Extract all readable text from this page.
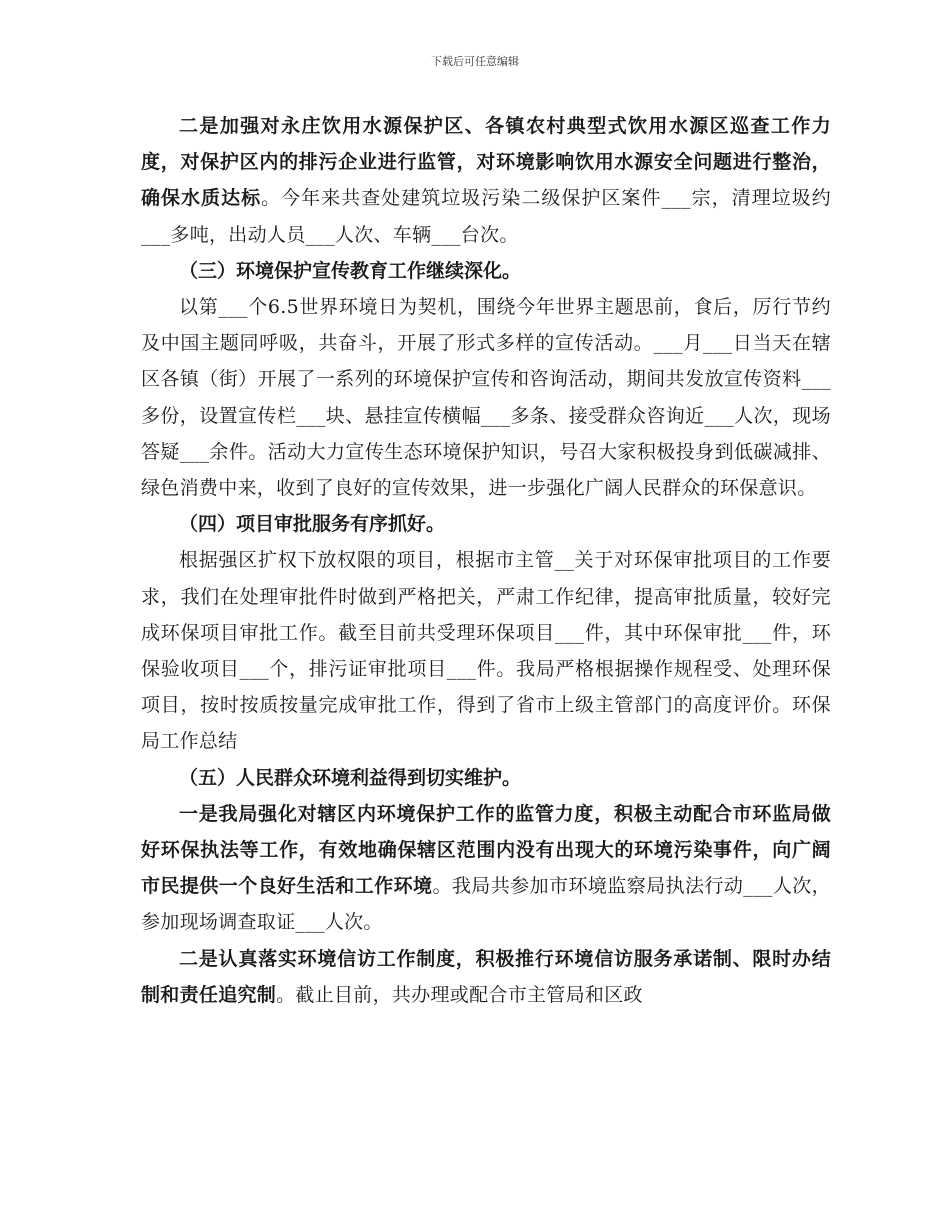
下载后可任意编辑

二是加强对永庄饮用水源保护区、各镇农村典型式饮用水源区巡查工作力度，对保护区内的排污企业进行监管，对环境影响饮用水源安全问题进行整治，确保水质达标。今年来共查处建筑垃圾污染二级保护区案件___宗，清理垃圾约___多吨，出动人员___人次、车辆___台次。

（三）环境保护宣传教育工作继续深化。

以第___个6.5世界环境日为契机，围绕今年世界主题思前，食后，厉行节约及中国主题同呼吸，共奋斗，开展了形式多样的宣传活动。___月___日当天在辖区各镇（街）开展了一系列的环境保护宣传和咨询活动，期间共发放宣传资料___多份，设置宣传栏___块、悬挂宣传横幅___多条、接受群众咨询近___人次，现场答疑___余件。活动大力宣传生态环境保护知识，号召大家积极投身到低碳减排、绿色消费中来，收到了良好的宣传效果，进一步强化广阔人民群众的环保意识。

（四）项目审批服务有序抓好。

根据强区扩权下放权限的项目，根据市主管__关于对环保审批项目的工作要求，我们在处理审批件时做到严格把关，严肃工作纪律，提高审批质量，较好完成环保项目审批工作。截至目前共受理环保项目___件，其中环保审批___件，环保验收项目___个，排污证审批项目___件。我局严格根据操作规程受、处理环保项目，按时按质按量完成审批工作，得到了省市上级主管部门的高度评价。环保局工作总结

（五）人民群众环境利益得到切实维护。

一是我局强化对辖区内环境保护工作的监管力度，积极主动配合市环监局做好环保执法等工作，有效地确保辖区范围内没有出现大的环境污染事件，向广阔市民提供一个良好生活和工作环境。我局共参加市环境监察局执法行动___人次，参加现场调查取证___人次。

二是认真落实环境信访工作制度，积极推行环境信访服务承诺制、限时办结制和责任追究制。截止目前，共办理或配合市主管局和区政
